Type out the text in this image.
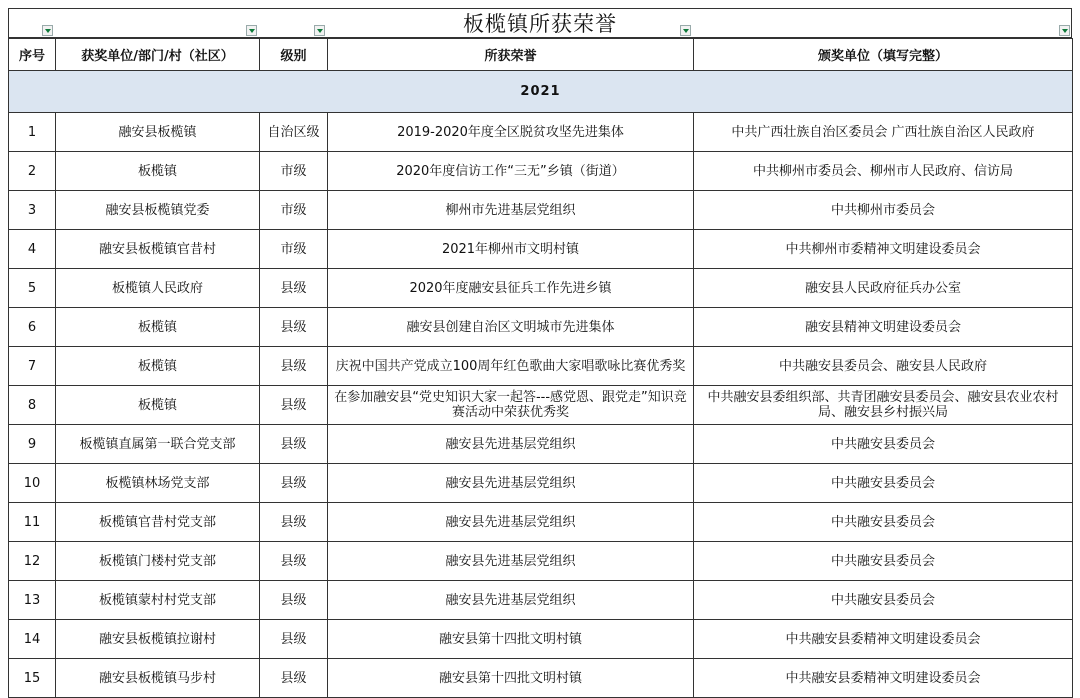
板榄镇所获荣誉
序号	获奖单位/部门/村（社区）	级别	所获荣誉	颁奖单位（填写完整）
2021				
1	融安县板榄镇	自治区级	2019-2020年度全区脱贫攻坚先进集体	中共广西壮族自治区委员会 广西壮族自治区人民政府
2	板榄镇	市级	2020年度信访工作“三无”乡镇（街道）	中共柳州市委员会、柳州市人民政府、信访局
3	融安县板榄镇党委	市级	柳州市先进基层党组织	中共柳州市委员会
4	融安县板榄镇官昔村	市级	2021年柳州市文明村镇	中共柳州市委精神文明建设委员会
5	板榄镇人民政府	县级	2020年度融安县征兵工作先进乡镇	融安县人民政府征兵办公室
6	板榄镇	县级	融安县创建自治区文明城市先进集体	融安县精神文明建设委员会
7	板榄镇	县级	庆祝中国共产党成立100周年红色歌曲大家唱歌咏比赛优秀奖	中共融安县委员会、融安县人民政府
8	板榄镇	县级	在参加融安县“党史知识大家一起答---感党恩、跟党走”知识竞赛活动中荣获优秀奖	中共融安县委组织部、共青团融安县委员会、融安县农业农村局、融安县乡村振兴局
9	板榄镇直属第一联合党支部	县级	融安县先进基层党组织	中共融安县委员会
10	板榄镇林场党支部	县级	融安县先进基层党组织	中共融安县委员会
11	板榄镇官昔村党支部	县级	融安县先进基层党组织	中共融安县委员会
12	板榄镇门楼村党支部	县级	融安县先进基层党组织	中共融安县委员会
13	板榄镇蒙村村党支部	县级	融安县先进基层党组织	中共融安县委员会
14	融安县板榄镇拉谢村	县级	融安县第十四批文明村镇	中共融安县委精神文明建设委员会
15	融安县板榄镇马步村	县级	融安县第十四批文明村镇	中共融安县委精神文明建设委员会
